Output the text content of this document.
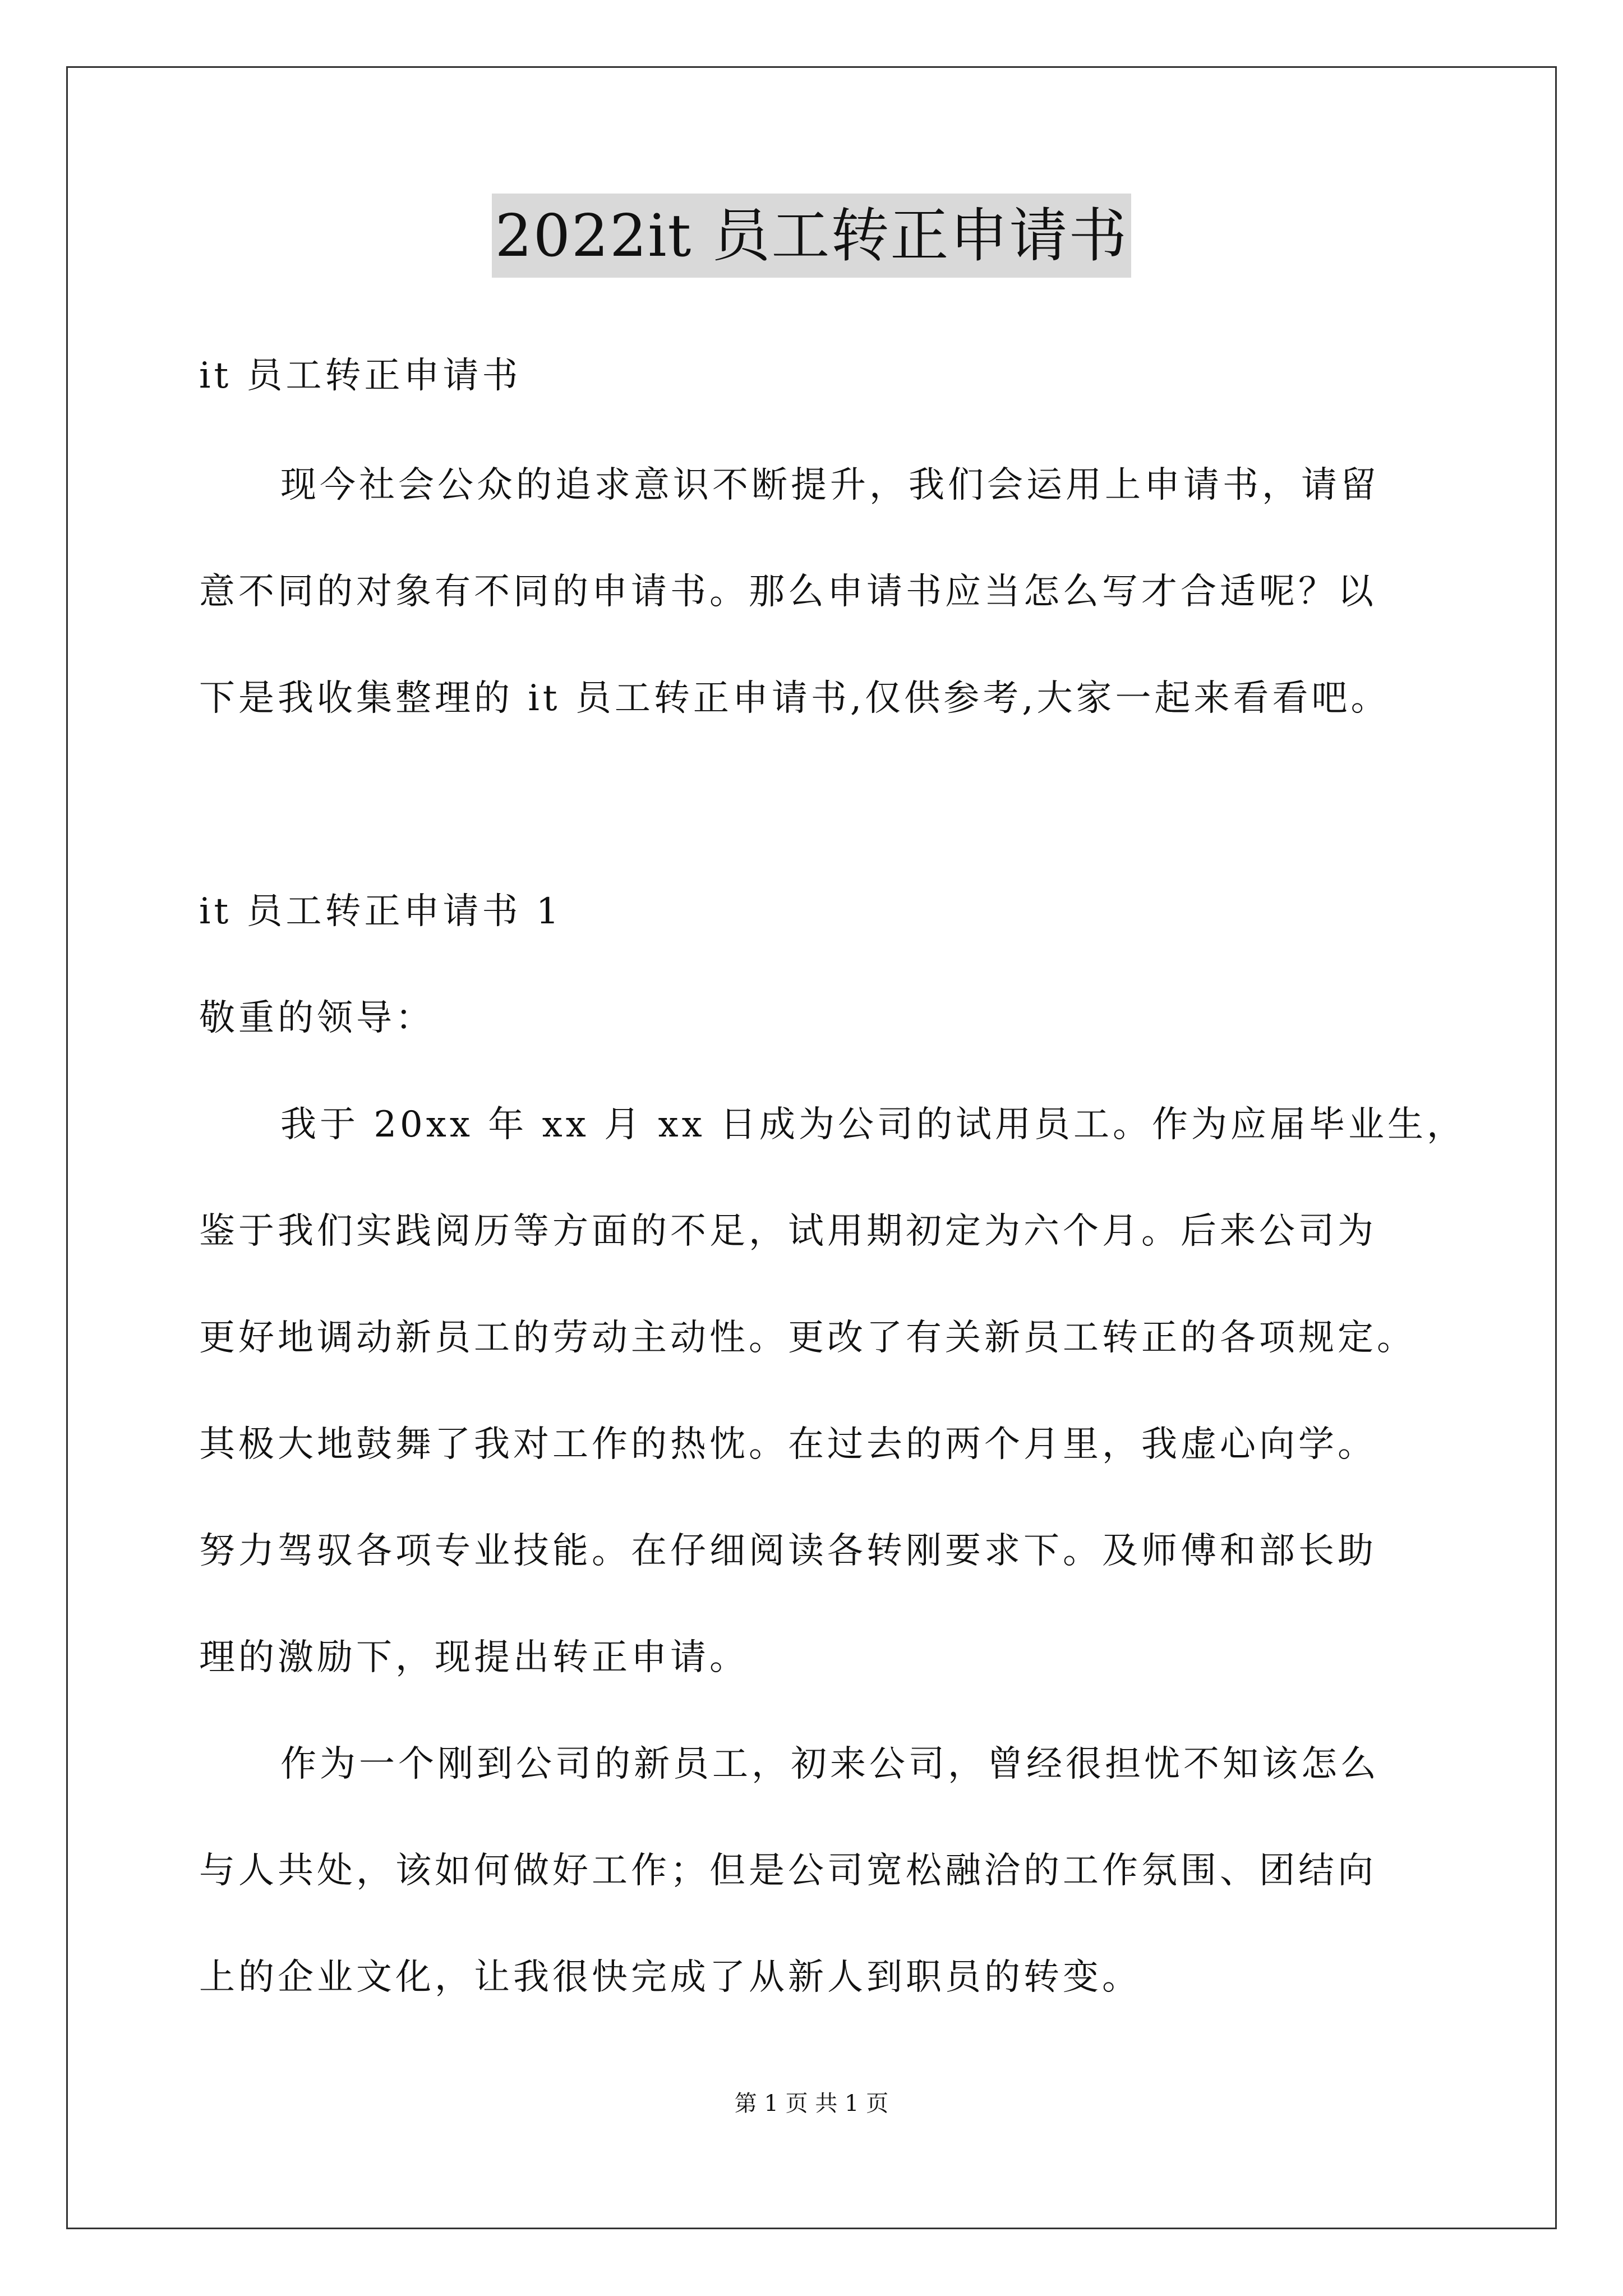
2022it 员工转正申请书
it 员工转正申请书
现今社会公众的追求意识不断提升，我们会运用上申请书，请留
意不同的对象有不同的申请书。那么申请书应当怎么写才合适呢？以
下是我收集整理的 it 员工转正申请书,仅供参考,大家一起来看看吧。
it 员工转正申请书 1
敬重的领导：
我于 20xx 年 xx 月 xx 日成为公司的试用员工。作为应届毕业生，
鉴于我们实践阅历等方面的不足，试用期初定为六个月。后来公司为
更好地调动新员工的劳动主动性。更改了有关新员工转正的各项规定。
其极大地鼓舞了我对工作的热忱。在过去的两个月里，我虚心向学。
努力驾驭各项专业技能。在仔细阅读各转刚要求下。及师傅和部长助
理的激励下，现提出转正申请。
作为一个刚到公司的新员工，初来公司，曾经很担忧不知该怎么
与人共处，该如何做好工作；但是公司宽松融洽的工作氛围、团结向
上的企业文化，让我很快完成了从新人到职员的转变。
第 1 页 共 1 页
